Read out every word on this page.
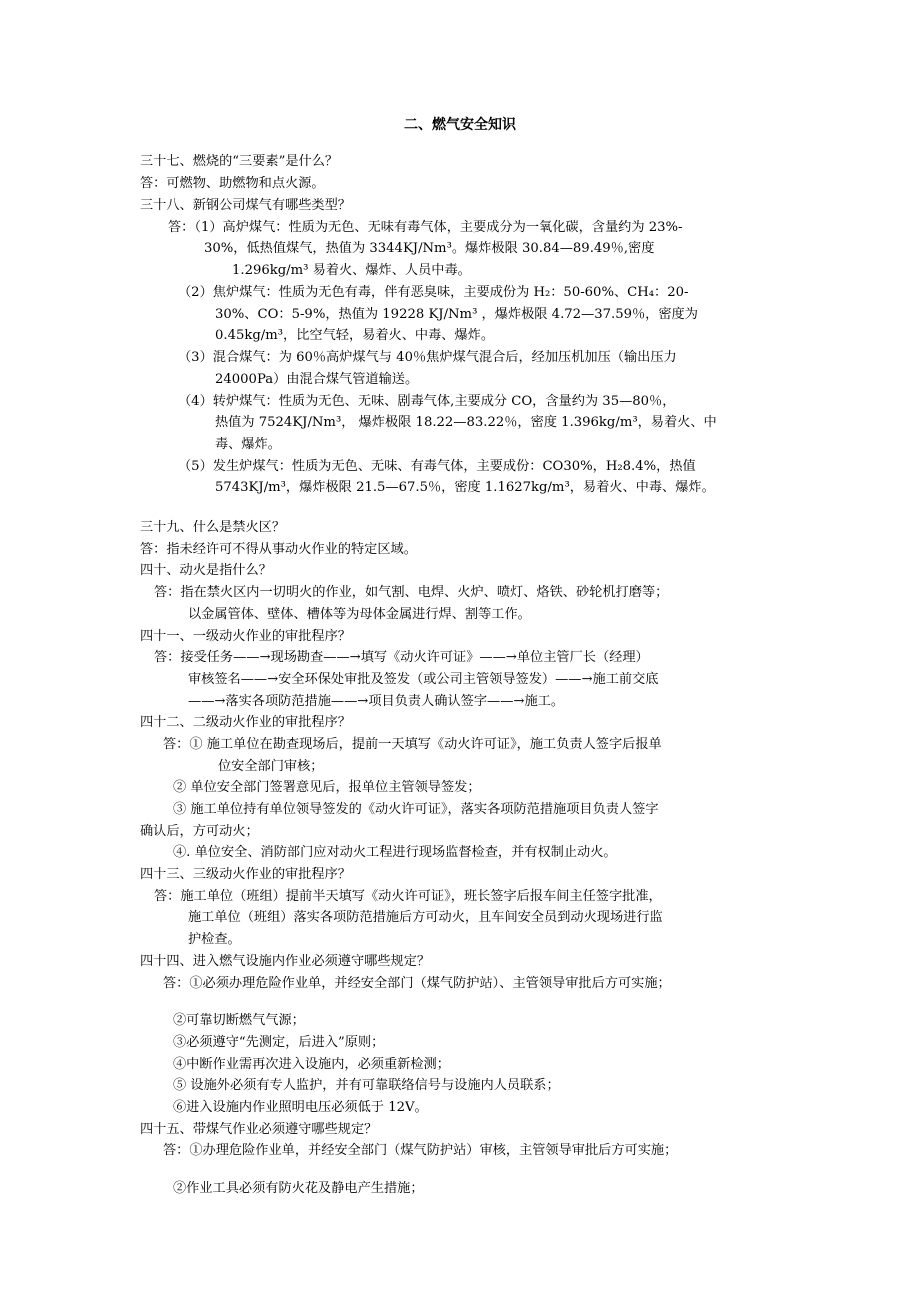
二、燃气安全知识
三十七、燃烧的“三要素”是什么？
答：可燃物、助燃物和点火源。
三十八、新钢公司煤气有哪些类型？
答：（1）高炉煤气：性质为无色、无味有毒气体，主要成分为一氧化碳，含量约为 23%-
30%，低热值煤气，热值为 3344KJ/Nm³。爆炸极限 30.84—89.49％,密度
1.296kg/m³ 易着火、爆炸、人员中毒。
（2）焦炉煤气：性质为无色有毒，伴有恶臭味，主要成份为 H₂：50-60%、CH₄：20-
30%、CO：5-9%，热值为 19228 KJ/Nm³ ，爆炸极限 4.72—37.59％，密度为
0.45kg/m³，比空气轻，易着火、中毒、爆炸。
（3）混合煤气：为 60％高炉煤气与 40％焦炉煤气混合后，经加压机加压（输出压力
24000Pa）由混合煤气管道输送。
（4）转炉煤气：性质为无色、无味、剧毒气体,主要成分 CO，含量约为 35—80％，
热值为 7524KJ/Nm³， 爆炸极限 18.22—83.22％，密度 1.396kg/m³，易着火、中
毒、爆炸。
（5）发生炉煤气：性质为无色、无味、有毒气体，主要成份：CO30%，H₂8.4%，热值
5743KJ/m³，爆炸极限 21.5—67.5％，密度 1.1627kg/m³，易着火、中毒、爆炸。
三十九、什么是禁火区？
答：指未经许可不得从事动火作业的特定区域。
四十、动火是指什么？
答：指在禁火区内一切明火的作业，如气割、电焊、火炉、喷灯、烙铁、砂轮机打磨等；
以金属管体、壁体、槽体等为母体金属进行焊、割等工作。
四十一、一级动火作业的审批程序？
答：接受任务——→现场勘查——→填写《动火许可证》——→单位主管厂长（经理）
审核签名——→安全环保处审批及签发（或公司主管领导签发）——→施工前交底
——→落实各项防范措施——→项目负责人确认签字——→施工。
四十二、二级动火作业的审批程序？
答：① 施工单位在勘查现场后，提前一天填写《动火许可证》，施工负责人签字后报单
位安全部门审核；
② 单位安全部门签署意见后，报单位主管领导签发；
③ 施工单位持有单位领导签发的《动火许可证》，落实各项防范措施项目负责人签字
确认后，方可动火；
④. 单位安全、消防部门应对动火工程进行现场监督检查，并有权制止动火。
四十三、三级动火作业的审批程序？
答：施工单位（班组）提前半天填写《动火许可证》，班长签字后报车间主任签字批准，
施工单位（班组）落实各项防范措施后方可动火，且车间安全员到动火现场进行监
护检查。
四十四、进入燃气设施内作业必须遵守哪些规定？
答：①必须办理危险作业单，并经安全部门（煤气防护站）、主管领导审批后方可实施；
②可靠切断燃气气源；
③必须遵守“先测定，后进入”原则；
④中断作业需再次进入设施内，必须重新检测；
⑤ 设施外必须有专人监护，并有可靠联络信号与设施内人员联系；
⑥进入设施内作业照明电压必须低于 12V。
四十五、带煤气作业必须遵守哪些规定？
答：①办理危险作业单，并经安全部门（煤气防护站）审核，主管领导审批后方可实施；
②作业工具必须有防火花及静电产生措施；
